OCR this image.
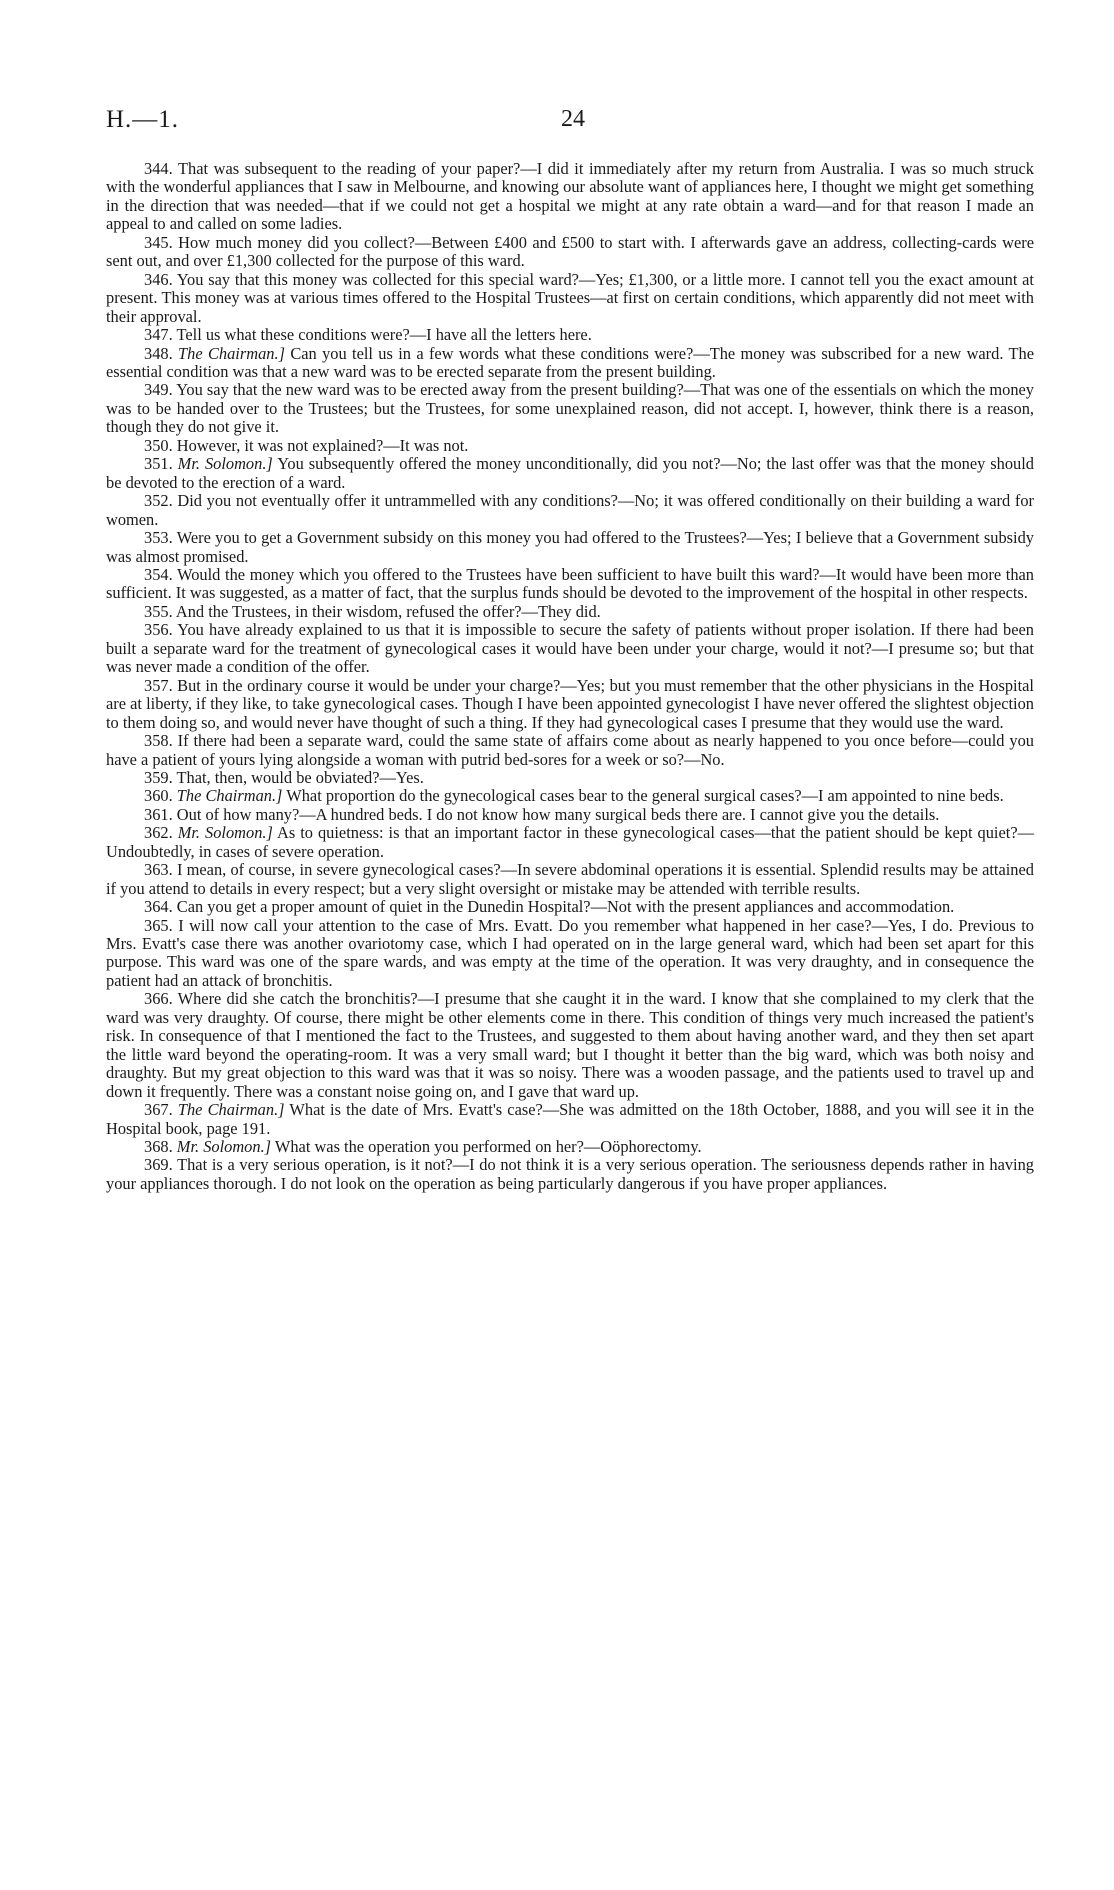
H.—1.	24

344. That was subsequent to the reading of your paper?—I did it immediately after my return from Australia. I was so much struck with the wonderful appliances that I saw in Melbourne, and knowing our absolute want of appliances here, I thought we might get something in the direction that was needed—that if we could not get a hospital we might at any rate obtain a ward—and for that reason I made an appeal to and called on some ladies.

345. How much money did you collect?—Between £400 and £500 to start with. I afterwards gave an address, collecting-cards were sent out, and over £1,300 collected for the purpose of this ward.

346. You say that this money was collected for this special ward?—Yes; £1,300, or a little more. I cannot tell you the exact amount at present. This money was at various times offered to the Hospital Trustees—at first on certain conditions, which apparently did not meet with their approval.

347. Tell us what these conditions were?—I have all the letters here.

348. The Chairman.] Can you tell us in a few words what these conditions were?—The money was subscribed for a new ward. The essential condition was that a new ward was to be erected separate from the present building.

349. You say that the new ward was to be erected away from the present building?—That was one of the essentials on which the money was to be handed over to the Trustees; but the Trustees, for some unexplained reason, did not accept. I, however, think there is a reason, though they do not give it.

350. However, it was not explained?—It was not.

351. Mr. Solomon.] You subsequently offered the money unconditionally, did you not?—No; the last offer was that the money should be devoted to the erection of a ward.

352. Did you not eventually offer it untrammelled with any conditions?—No; it was offered conditionally on their building a ward for women.

353. Were you to get a Government subsidy on this money you had offered to the Trustees?—Yes; I believe that a Government subsidy was almost promised.

354. Would the money which you offered to the Trustees have been sufficient to have built this ward?—It would have been more than sufficient. It was suggested, as a matter of fact, that the surplus funds should be devoted to the improvement of the hospital in other respects.

355. And the Trustees, in their wisdom, refused the offer?—They did.

356. You have already explained to us that it is impossible to secure the safety of patients without proper isolation. If there had been built a separate ward for the treatment of gynecological cases it would have been under your charge, would it not?—I presume so; but that was never made a condition of the offer.

357. But in the ordinary course it would be under your charge?—Yes; but you must remember that the other physicians in the Hospital are at liberty, if they like, to take gynecological cases. Though I have been appointed gynecologist I have never offered the slightest objection to them doing so, and would never have thought of such a thing. If they had gynecological cases I presume that they would use the ward.

358. If there had been a separate ward, could the same state of affairs come about as nearly happened to you once before—could you have a patient of yours lying alongside a woman with putrid bed-sores for a week or so?—No.

359. That, then, would be obviated?—Yes.

360. The Chairman.] What proportion do the gynecological cases bear to the general surgical cases?—I am appointed to nine beds.

361. Out of how many?—A hundred beds. I do not know how many surgical beds there are. I cannot give you the details.

362. Mr. Solomon.] As to quietness: is that an important factor in these gynecological cases—that the patient should be kept quiet?—Undoubtedly, in cases of severe operation.

363. I mean, of course, in severe gynecological cases?—In severe abdominal operations it is essential. Splendid results may be attained if you attend to details in every respect; but a very slight oversight or mistake may be attended with terrible results.

364. Can you get a proper amount of quiet in the Dunedin Hospital?—Not with the present appliances and accommodation.

365. I will now call your attention to the case of Mrs. Evatt. Do you remember what happened in her case?—Yes, I do. Previous to Mrs. Evatt's case there was another ovariotomy case, which I had operated on in the large general ward, which had been set apart for this purpose. This ward was one of the spare wards, and was empty at the time of the operation. It was very draughty, and in consequence the patient had an attack of bronchitis.

366. Where did she catch the bronchitis?—I presume that she caught it in the ward. I know that she complained to my clerk that the ward was very draughty. Of course, there might be other elements come in there. This condition of things very much increased the patient's risk. In consequence of that I mentioned the fact to the Trustees, and suggested to them about having another ward, and they then set apart the little ward beyond the operating-room. It was a very small ward; but I thought it better than the big ward, which was both noisy and draughty. But my great objection to this ward was that it was so noisy. There was a wooden passage, and the patients used to travel up and down it frequently. There was a constant noise going on, and I gave that ward up.

367. The Chairman.] What is the date of Mrs. Evatt's case?—She was admitted on the 18th October, 1888, and you will see it in the Hospital book, page 191.

368. Mr. Solomon.] What was the operation you performed on her?—Oöphorectomy.

369. That is a very serious operation, is it not?—I do not think it is a very serious operation. The seriousness depends rather in having your appliances thorough. I do not look on the operation as being particularly dangerous if you have proper appliances.
